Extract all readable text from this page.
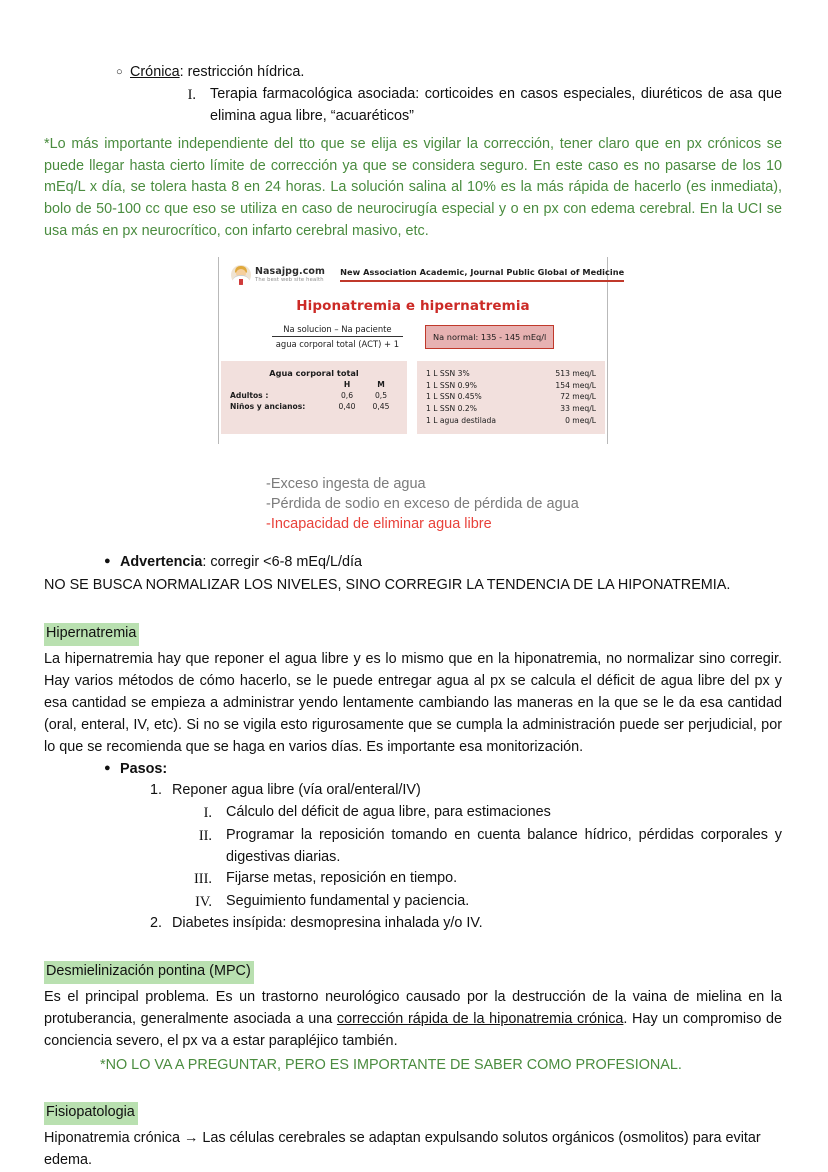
○ Crónica: restricción hídrica.
I. Terapia farmacológica asociada: corticoides en casos especiales, diuréticos de asa que elimina agua libre, “acuaréticos”

*Lo más importante independiente del tto que se elija es vigilar la corrección, tener claro que en px crónicos se puede llegar hasta cierto límite de corrección ya que se considera seguro. En este caso es no pasarse de los 10 mEq/L x día, se tolera hasta 8 en 24 horas. La solución salina al 10% es la más rápida de hacerlo (es inmediata), bolo de 50-100 cc que eso se utiliza en caso de neurocirugía especial y o en px con edema cerebral. En la UCI se usa más en px neurocrítico, con infarto cerebral masivo, etc.

Nasajpg.com
The best web site health
New Association Academic, Journal Public Global of Medicine
Hiponatremia e hipernatremia
$\frac{\text{Na solucion – Na paciente}}{\text{agua corporal total (ACT) + 1}}$	Na normal: 135 - 145 mEq/l
Agua corporal total
	H	M
Adultos :	0,6	0,5
Niños y ancianos:	0,40	0,45
1 L SSN 3%	513 meq/L
1 L SSN 0.9%	154 meq/L
1 L SSN 0.45%	72 meq/L
1 L SSN 0.2%	33 meq/L
1 L agua destilada	0 meq/L
-Exceso ingesta de agua
-Pérdida de sodio en exceso de pérdida de agua
-Incapacidad de eliminar agua libre
● Advertencia: corregir <6-8 mEq/L/día

NO SE BUSCA NORMALIZAR LOS NIVELES, SINO CORREGIR LA TENDENCIA DE LA HIPONATREMIA.

Hipernatremia

La hipernatremia hay que reponer el agua libre y es lo mismo que en la hiponatremia, no normalizar sino corregir. Hay varios métodos de cómo hacerlo, se le puede entregar agua al px se calcula el déficit de agua libre del px y esa cantidad se empieza a administrar yendo lentamente cambiando las maneras en la que se le da esa cantidad (oral, enteral, IV, etc). Si no se vigila esto rigurosamente que se cumpla la administración puede ser perjudicial, por lo que se recomienda que se haga en varios días. Es importante esa monitorización.

● Pasos:
1. Reponer agua libre (vía oral/enteral/IV)
I. Cálculo del déficit de agua libre, para estimaciones
II. Programar la reposición tomando en cuenta balance hídrico, pérdidas corporales y digestivas diarias.
III. Fijarse metas, reposición en tiempo.
IV. Seguimiento fundamental y paciencia.
2. Diabetes insípida: desmopresina inhalada y/o IV.
Desmielinización pontina (MPC)

Es el principal problema. Es un trastorno neurológico causado por la destrucción de la vaina de mielina en la protuberancia, generalmente asociada a una corrección rápida de la hiponatremia crónica. Hay un compromiso de conciencia severo, el px va a estar parapléjico también.

*NO LO VA A PREGUNTAR, PERO ES IMPORTANTE DE SABER COMO PROFESIONAL.

Fisiopatologia

Hiponatremia crónica → Las células cerebrales se adaptan expulsando solutos orgánicos (osmolitos) para evitar edema.
